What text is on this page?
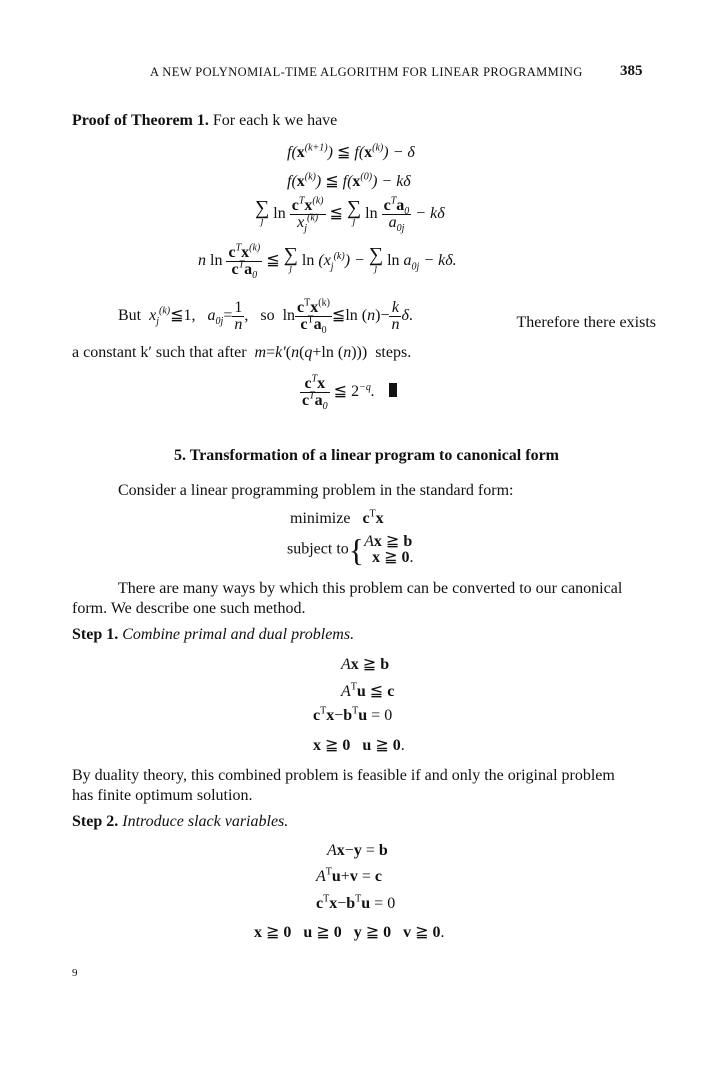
A NEW POLYNOMIAL-TIME ALGORITHM FOR LINEAR PROGRAMMING 385
Proof of Theorem 1. For each k we have
$f(x^{(k+1)})$ ≦ $f(x^{(k)}) - \delta$
$f(x^{(k)})$ ≦ $f(x^{(0)}) - k\delta$
∑
j $\ln \frac{c^Tx^{(k)}}{x_j^{(k)}}$ ≦ ∑
j $\ln \frac{c^Ta_0}{a_{0j}} - k\delta$
n $\ln \frac{c^Tx^{(k)}}{c^Ta_0}$ ≦ ∑
j $\ln (x_j^{(k)})$ − ∑
j $\ln a_{0j} - k\delta$.
But $x_j^{(k)}≦1$,   $a_{0j}= \frac{1}{n}$ ,   so  $\ln \frac{c^Tx^{(k)}}{c^Ta_0}$ ≦ln $(n)- \frac{k}{n} \delta$.	Therefore there exists
a constant k′ such that after m=k′(n(q+ln (n)))  steps.
$\frac{c^Tx}{c^Ta_0}$ ≦ $2^{-q}$.
5. Transformation of a linear program to canonical form
Consider a linear programming problem in the standard form:
minimize $c^Tx$
subject to{ Ax ≧ b
x ≧ 0.
There are many ways by which this problem can be converted to our canonical
form. We describe one such method.
Step 1. Combine primal and dual problems.
Ax ≧ b
$A^Tu$ ≦ c
$c^Tx-b^Tu = 0$
x ≧ 0 u ≧ 0.
By duality theory, this combined problem is feasible if and only the original problem
has finite optimum solution.
Step 2. Introduce slack variables.
Ax−y = b
$A^Tu+v = c$
$c^Tx-b^Tu = 0$
x ≧ 0 u ≧ 0 y ≧ 0 v ≧ 0.
9
